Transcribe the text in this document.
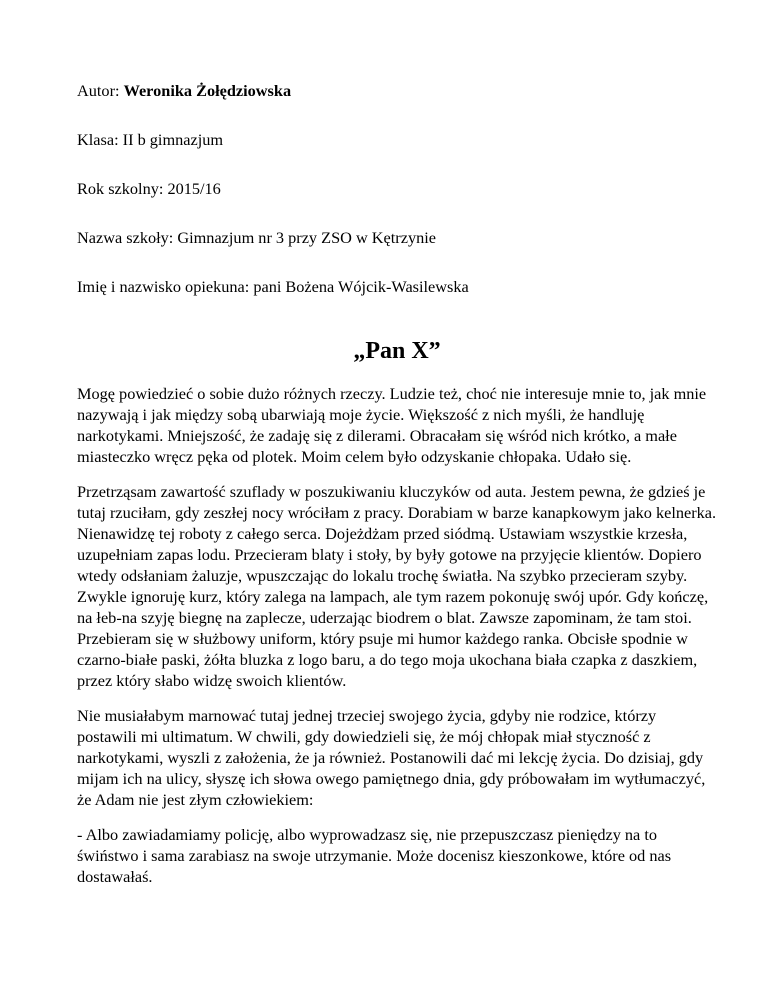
Autor: Weronika Żołędziowska
Klasa: II b gimnazjum
Rok szkolny: 2015/16
Nazwa szkoły: Gimnazjum nr 3 przy ZSO w Kętrzynie
Imię i nazwisko opiekuna: pani Bożena Wójcik-Wasilewska
„Pan X”

Mogę powiedzieć o sobie dużo różnych rzeczy. Ludzie też, choć nie interesuje mnie to, jak mnie nazywają i jak między sobą ubarwiają moje życie. Większość z nich myśli, że handluję narkotykami. Mniejszość, że zadaję się z dilerami. Obracałam się wśród nich krótko, a małe miasteczko wręcz pęka od plotek. Moim celem było odzyskanie chłopaka. Udało się.

Przetrząsam zawartość szuflady w poszukiwaniu kluczyków od auta. Jestem pewna, że gdzieś je tutaj rzuciłam, gdy zeszłej nocy wróciłam z pracy. Dorabiam w barze kanapkowym jako kelnerka. Nienawidzę tej roboty z całego serca. Dojeżdżam przed siódmą. Ustawiam wszystkie krzesła, uzupełniam zapas lodu. Przecieram blaty i stoły, by były gotowe na przyjęcie klientów. Dopiero wtedy odsłaniam żaluzje, wpuszczając do lokalu trochę światła. Na szybko przecieram szyby. Zwykle ignoruję kurz, który zalega na lampach, ale tym razem pokonuję swój upór. Gdy kończę, na łeb-na szyję biegnę na zaplecze, uderzając biodrem o blat. Zawsze zapominam, że tam stoi. Przebieram się w służbowy uniform, który psuje mi humor każdego ranka. Obcisłe spodnie w czarno-białe paski, żółta bluzka z logo baru, a do tego moja ukochana biała czapka z daszkiem, przez który słabo widzę swoich klientów.

Nie musiałabym marnować tutaj jednej trzeciej swojego życia, gdyby nie rodzice, którzy postawili mi ultimatum. W chwili, gdy dowiedzieli się, że mój chłopak miał styczność z narkotykami, wyszli z założenia, że ja również. Postanowili dać mi lekcję życia. Do dzisiaj, gdy mijam ich na ulicy, słyszę ich słowa owego pamiętnego dnia, gdy próbowałam im wytłumaczyć, że Adam nie jest złym człowiekiem:

- Albo zawiadamiamy policję, albo wyprowadzasz się, nie przepuszczasz pieniędzy na to świństwo i sama zarabiasz na swoje utrzymanie. Może docenisz kieszonkowe, które od nas dostawałaś.
